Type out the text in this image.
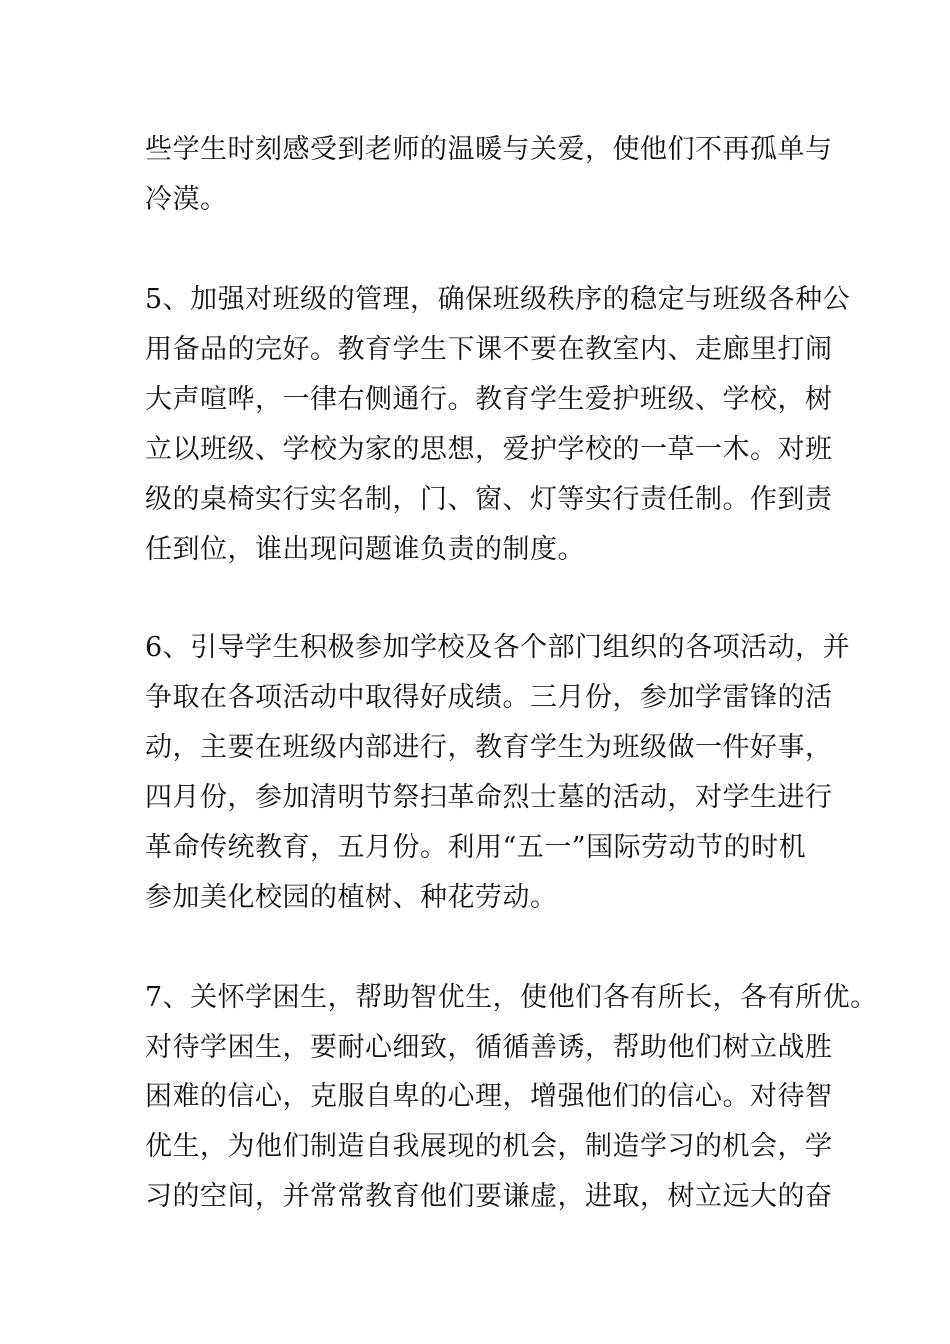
些学生时刻感受到老师的温暖与关爱，使他们不再孤单与
冷漠。
5、加强对班级的管理，确保班级秩序的稳定与班级各种公
用备品的完好。教育学生下课不要在教室内、走廊里打闹
大声喧哗，一律右侧通行。教育学生爱护班级、学校，树
立以班级、学校为家的思想，爱护学校的一草一木。对班
级的桌椅实行实名制，门、窗、灯等实行责任制。作到责
任到位，谁出现问题谁负责的制度。
6、引导学生积极参加学校及各个部门组织的各项活动，并
争取在各项活动中取得好成绩。三月份，参加学雷锋的活
动，主要在班级内部进行，教育学生为班级做一件好事，
四月份，参加清明节祭扫革命烈士墓的活动，对学生进行
革命传统教育，五月份。利用“五一”国际劳动节的时机
参加美化校园的植树、种花劳动。
7、关怀学困生，帮助智优生，使他们各有所长，各有所优。
对待学困生，要耐心细致，循循善诱，帮助他们树立战胜
困难的信心，克服自卑的心理，增强他们的信心。对待智
优生，为他们制造自我展现的机会，制造学习的机会，学
习的空间，并常常教育他们要谦虚，进取，树立远大的奋
